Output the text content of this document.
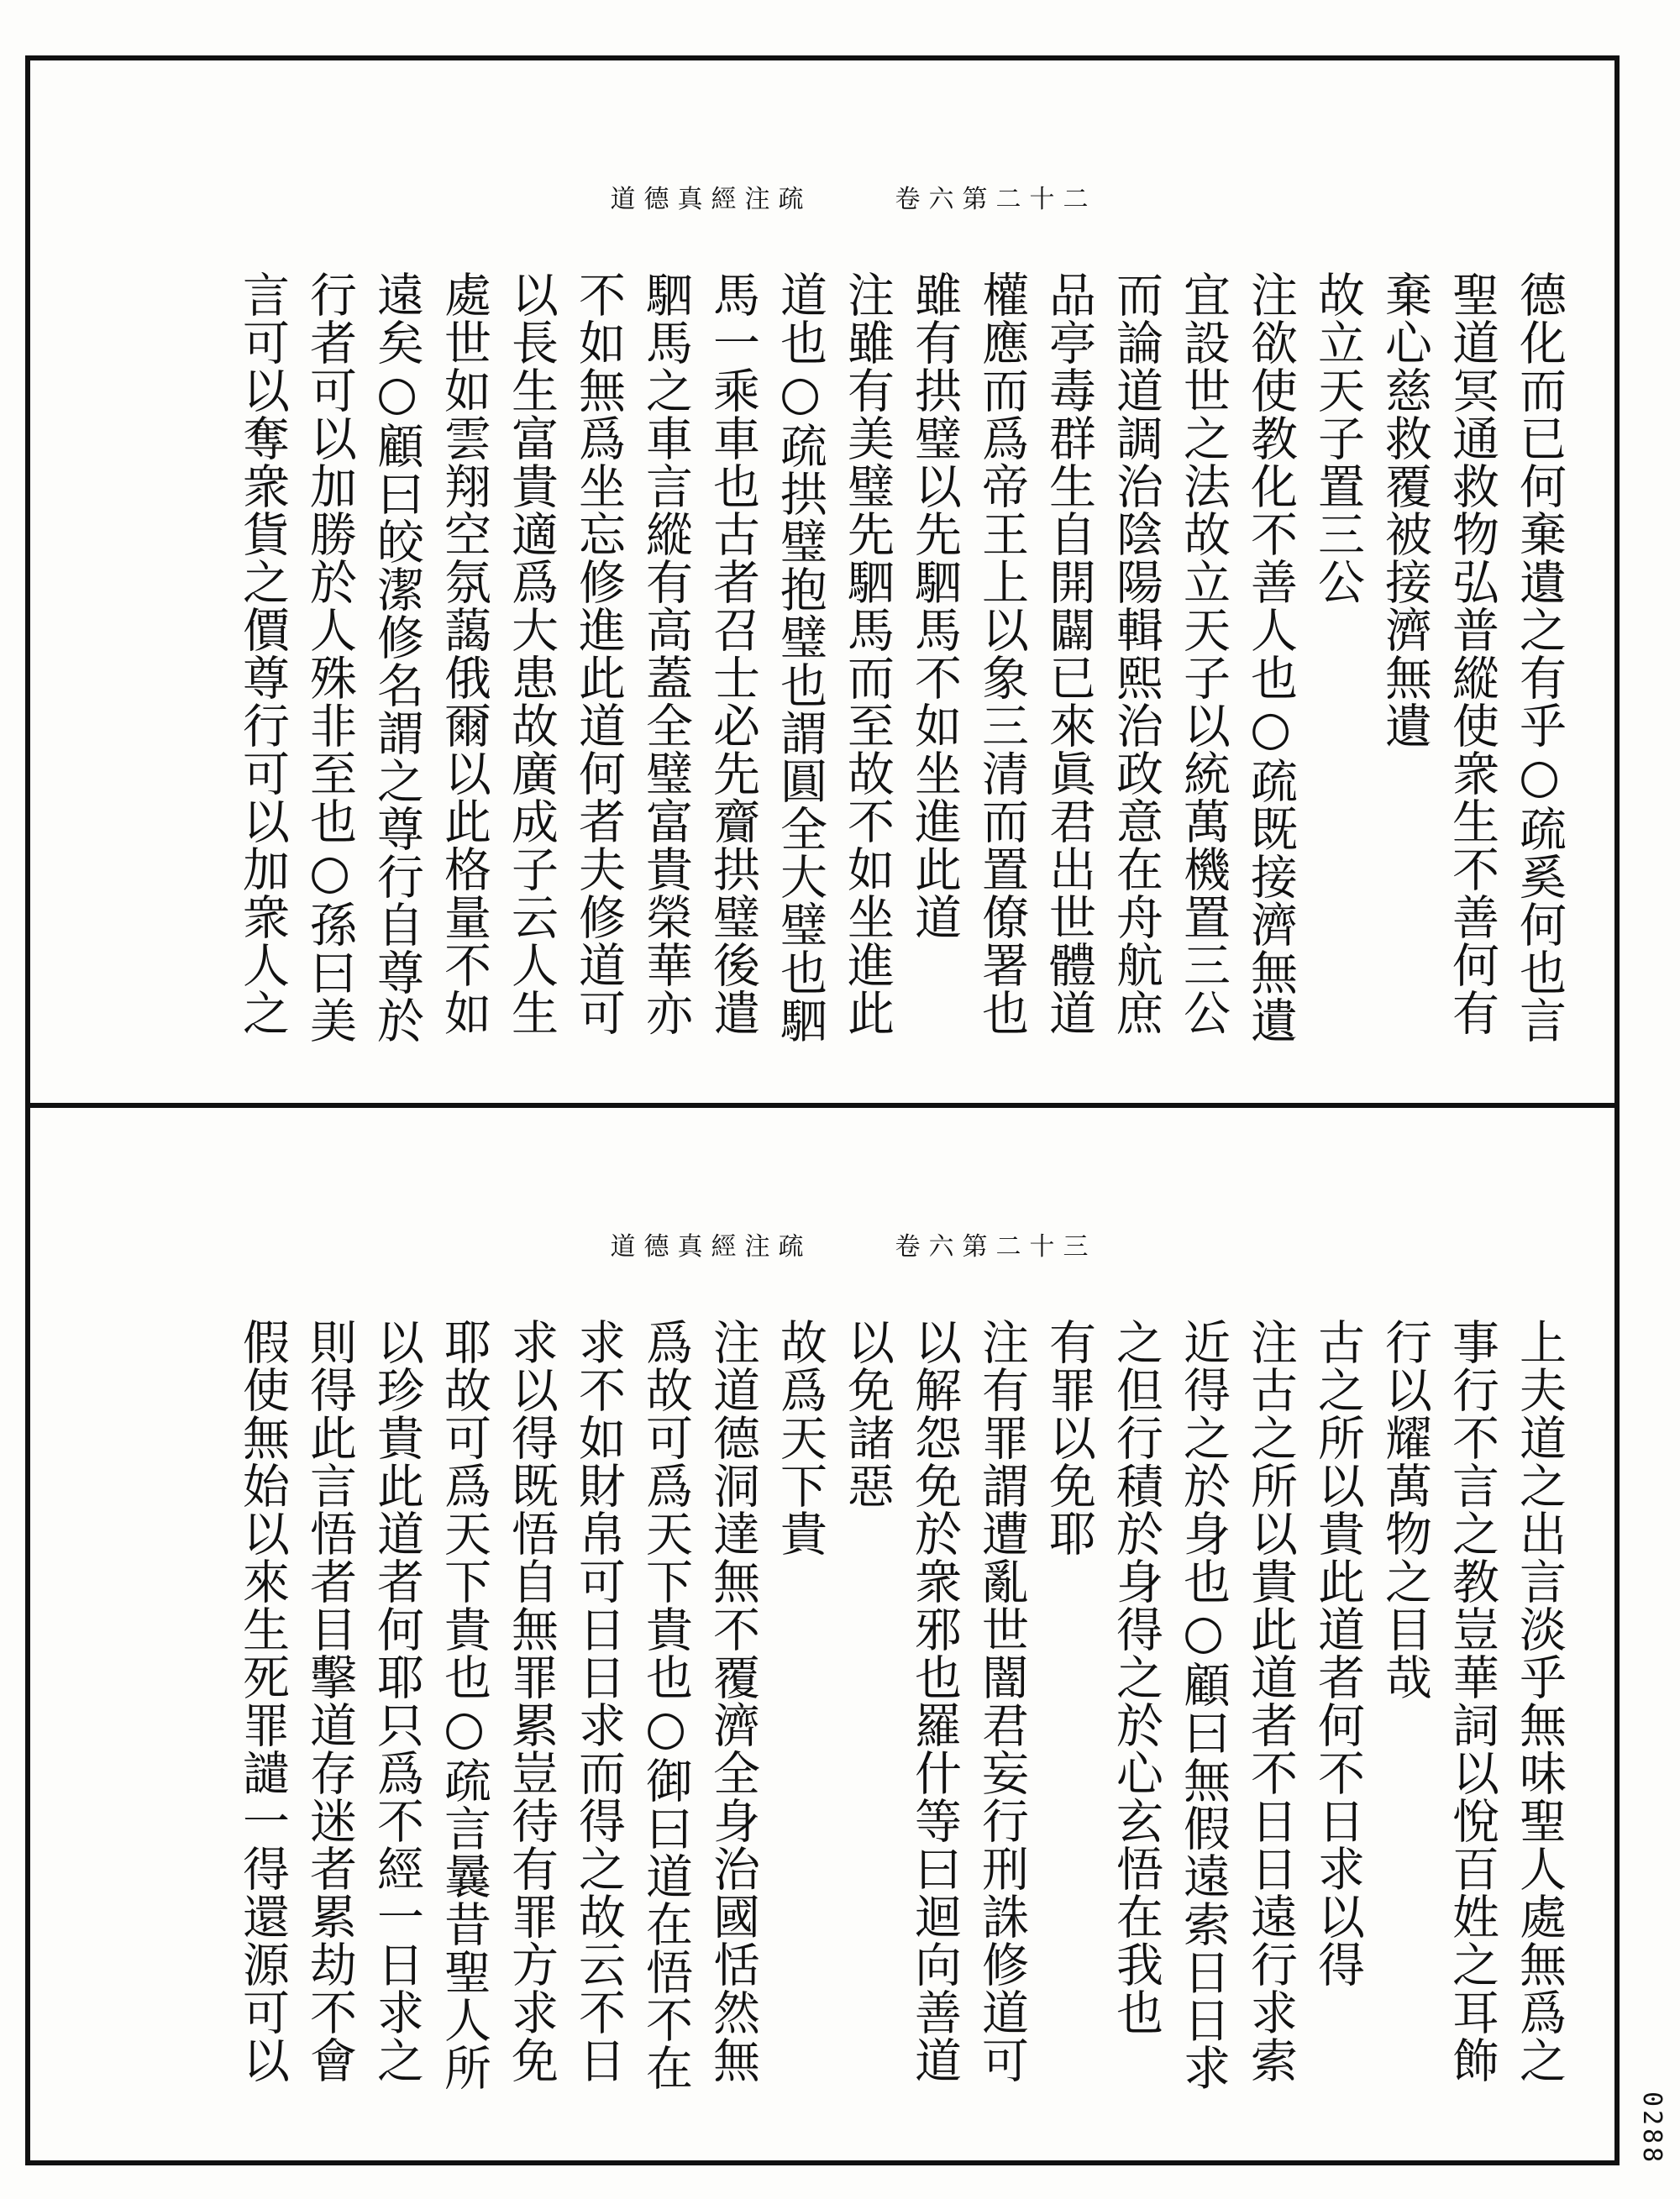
卷六第二十二  道德真經注疏
德化而已何棄遺之有乎○疏奚何也言
聖道冥通救物弘普縱使衆生不善何有
棄心慈救覆被接濟無遺
故立天子置三公
注欲使教化不善人也○疏既接濟無遺
宜設世之法故立天子以統萬機置三公
而論道調治陰陽輯熙治政意在舟航庶
品亭毒群生自開闢已來眞君出世體道
權應而爲帝王上以象三清而置僚署也
雖有拱璧以先駟馬不如坐進此道
注雖有美璧先駟馬而至故不如坐進此
道也○疏拱璧抱璧也謂圓全大璧也駟
馬一乘車也古者召士必先齎拱璧後遣
駟馬之車言縱有高蓋全璧富貴榮華亦
不如無爲坐忘修進此道何者夫修道可
以長生富貴適爲大患故廣成子云人生
處世如雲翔空氛藹俄爾以此格量不如
遠矣○顧曰皎潔修名謂之尊行自尊於
行者可以加勝於人殊非至也○孫曰美
言可以奪衆貨之價尊行可以加衆人之
卷六第二十三  道德真經注疏
上夫道之出言淡乎無味聖人處無爲之
事行不言之教豈華詞以悅百姓之耳飾
行以耀萬物之目哉
古之所以貴此道者何不日求以得
注古之所以貴此道者不日日遠行求索
近得之於身也○顧曰無假遠索日日求
之但行積於身得之於心玄悟在我也
有罪以免耶
注有罪謂遭亂世闇君妄行刑誅修道可
以解怨免於衆邪也羅什等曰迴向善道
以免諸惡
故爲天下貴
注道德洞達無不覆濟全身治國恬然無
爲故可爲天下貴也○御曰道在悟不在
求不如財帛可日日求而得之故云不日
求以得既悟自無罪累豈待有罪方求免
耶故可爲天下貴也○疏言曩昔聖人所
以珍貴此道者何耶只爲不經一日求之
則得此言悟者目擊道存迷者累劫不會
假使無始以來生死罪譴一得還源可以
0288
